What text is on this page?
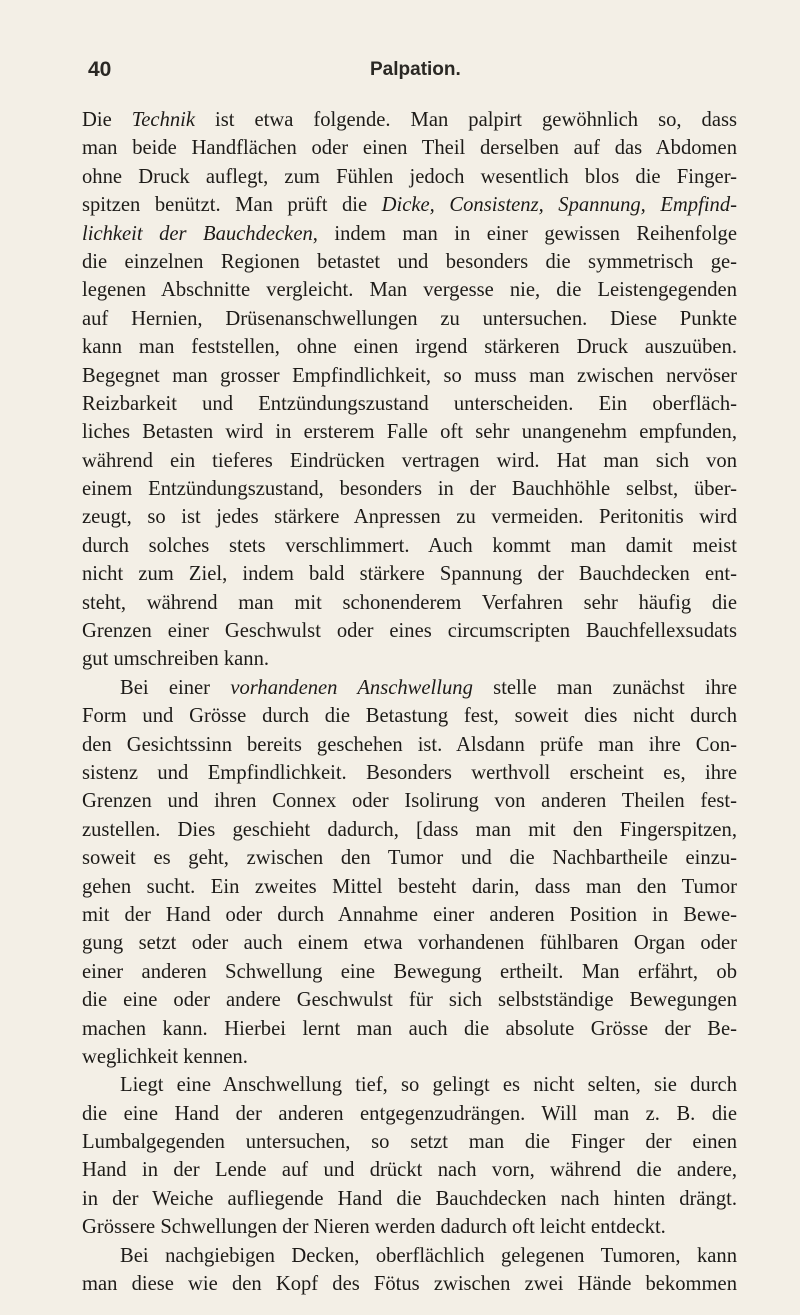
40	Palpation.
Die Technik ist etwa folgende. Man palpirt gewöhnlich so, dass
man beide Handflächen oder einen Theil derselben auf das Abdomen
ohne Druck auflegt, zum Fühlen jedoch wesentlich blos die Finger-
spitzen benützt. Man prüft die Dicke, Consistenz, Spannung, Empfind-
lichkeit der Bauchdecken, indem man in einer gewissen Reihenfolge
die einzelnen Regionen betastet und besonders die symmetrisch ge-
legenen Abschnitte vergleicht. Man vergesse nie, die Leistengegenden
auf Hernien, Drüsenanschwellungen zu untersuchen. Diese Punkte
kann man feststellen, ohne einen irgend stärkeren Druck auszuüben.
Begegnet man grosser Empfindlichkeit, so muss man zwischen nervöser
Reizbarkeit und Entzündungszustand unterscheiden. Ein oberfläch-
liches Betasten wird in ersterem Falle oft sehr unangenehm empfunden,
während ein tieferes Eindrücken vertragen wird. Hat man sich von
einem Entzündungszustand, besonders in der Bauchhöhle selbst, über-
zeugt, so ist jedes stärkere Anpressen zu vermeiden. Peritonitis wird
durch solches stets verschlimmert. Auch kommt man damit meist
nicht zum Ziel, indem bald stärkere Spannung der Bauchdecken ent-
steht, während man mit schonenderem Verfahren sehr häufig die
Grenzen einer Geschwulst oder eines circumscripten Bauchfellexsudats
gut umschreiben kann.
Bei einer vorhandenen Anschwellung stelle man zunächst ihre
Form und Grösse durch die Betastung fest, soweit dies nicht durch
den Gesichtssinn bereits geschehen ist. Alsdann prüfe man ihre Con-
sistenz und Empfindlichkeit. Besonders werthvoll erscheint es, ihre
Grenzen und ihren Connex oder Isolirung von anderen Theilen fest-
zustellen. Dies geschieht dadurch, [dass man mit den Fingerspitzen,
soweit es geht, zwischen den Tumor und die Nachbartheile einzu-
gehen sucht. Ein zweites Mittel besteht darin, dass man den Tumor
mit der Hand oder durch Annahme einer anderen Position in Bewe-
gung setzt oder auch einem etwa vorhandenen fühlbaren Organ oder
einer anderen Schwellung eine Bewegung ertheilt. Man erfährt, ob
die eine oder andere Geschwulst für sich selbstständige Bewegungen
machen kann. Hierbei lernt man auch die absolute Grösse der Be-
weglichkeit kennen.
Liegt eine Anschwellung tief, so gelingt es nicht selten, sie durch
die eine Hand der anderen entgegenzudrängen. Will man z. B. die
Lumbalgegenden untersuchen, so setzt man die Finger der einen
Hand in der Lende auf und drückt nach vorn, während die andere,
in der Weiche aufliegende Hand die Bauchdecken nach hinten drängt.
Grössere Schwellungen der Nieren werden dadurch oft leicht entdeckt.
Bei nachgiebigen Decken, oberflächlich gelegenen Tumoren, kann
man diese wie den Kopf des Fötus zwischen zwei Hände bekommen
